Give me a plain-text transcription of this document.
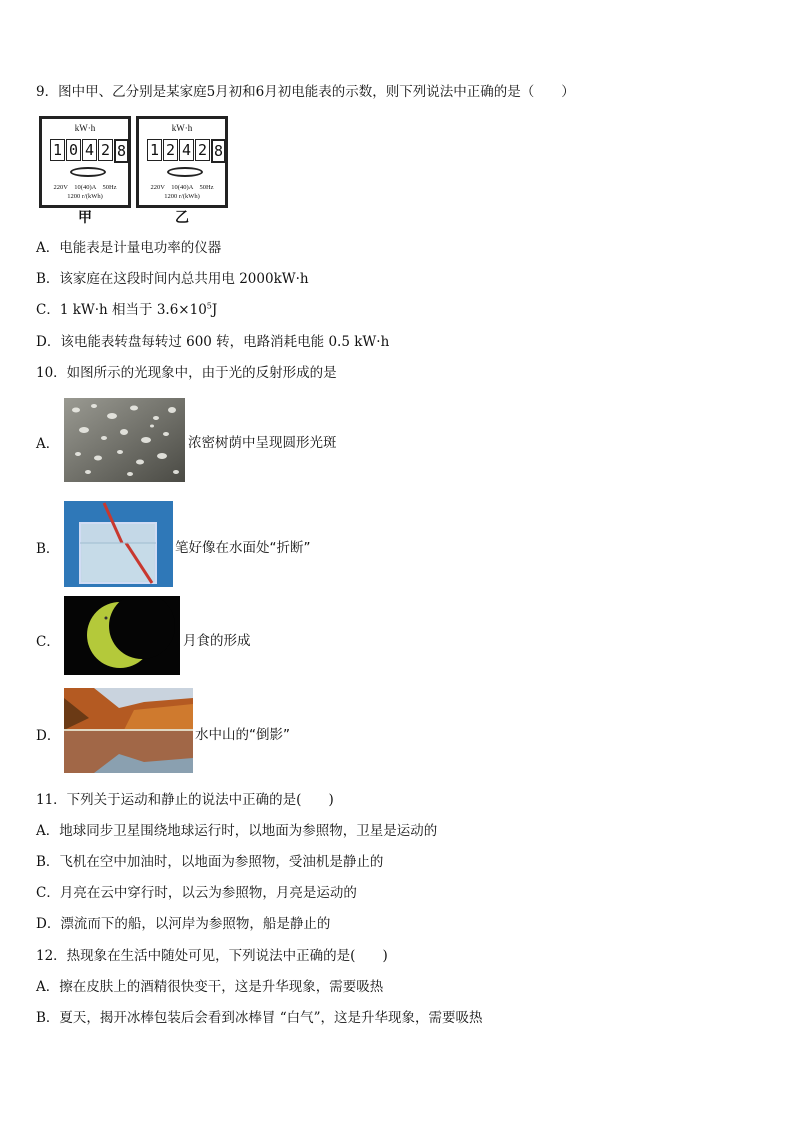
9．图中甲、乙分别是某家庭5月初和6月初电能表的示数，则下列说法中正确的是（　　）
kW·h
1 0 4 2 8
220V　10(40)A　50Hz
1200 r/(kWh)
甲
kW·h
1 2 4 2 8
220V　10(40)A　50Hz
1200 r/(kWh)
乙
A．电能表是计量电功率的仪器
B．该家庭在这段时间内总共用电 2000kW·h
C．1 kW·h 相当于 $3.6\times 10^5J$
D．该电能表转盘每转过 600 转，电路消耗电能 0.5 kW·h
10．如图所示的光现象中，由于光的反射形成的是
A．	浓密树荫中呈现圆形光斑
B．	笔好像在水面处“折断”
C．	月食的形成
D．	水中山的“倒影”
11．下列关于运动和静止的说法中正确的是(　　)
A．地球同步卫星围绕地球运行时，以地面为参照物，卫星是运动的
B．飞机在空中加油时，以地面为参照物，受油机是静止的
C．月亮在云中穿行时，以云为参照物，月亮是运动的
D．漂流而下的船，以河岸为参照物，船是静止的
12．热现象在生活中随处可见，下列说法中正确的是(　　)
A．擦在皮肤上的酒精很快变干，这是升华现象，需要吸热
B．夏天，揭开冰棒包装后会看到冰棒冒 “白气”，这是升华现象，需要吸热
